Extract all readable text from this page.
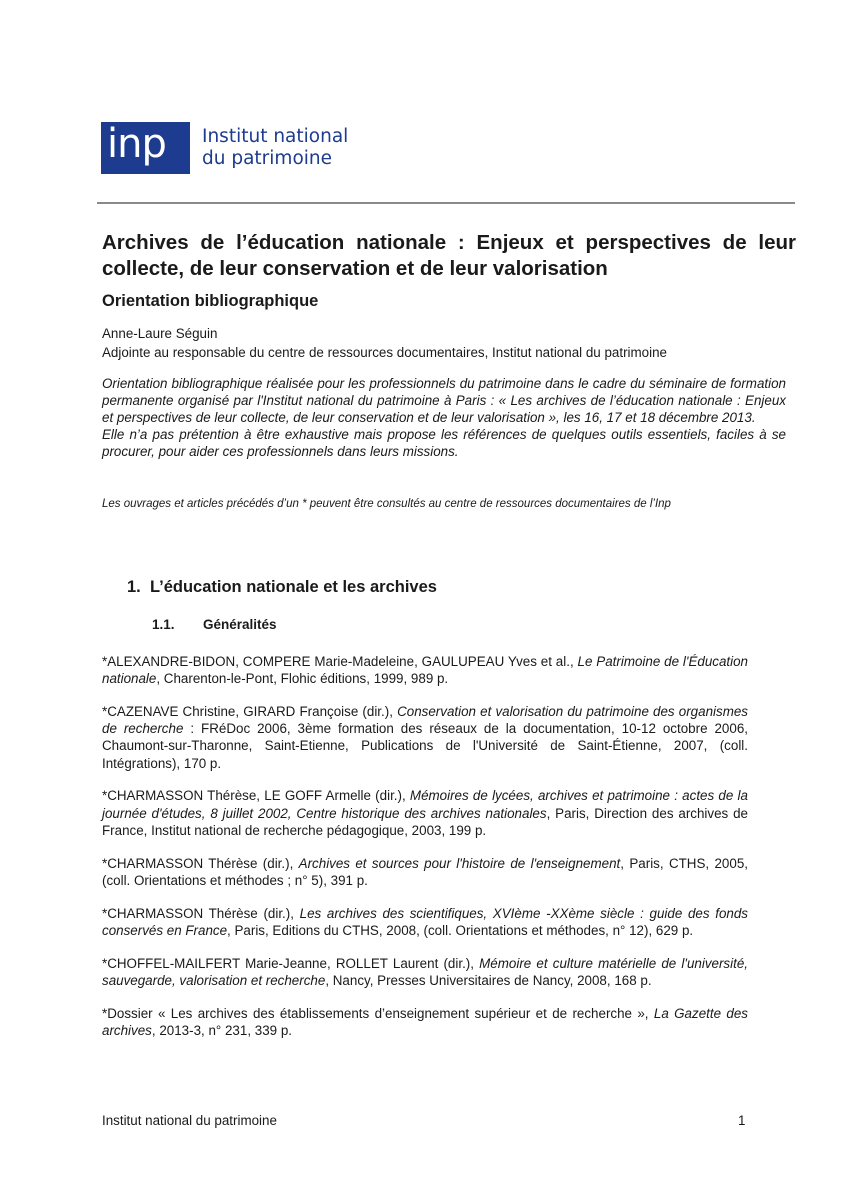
inp	Institut national
du patrimoine
Archives de l’éducation nationale : Enjeux et perspectives de leur collecte, de leur conservation et de leur valorisation
Orientation bibliographique
Anne-Laure Séguin
Adjointe au responsable du centre de ressources documentaires, Institut national du patrimoine

Orientation bibliographique réalisée pour les professionnels du patrimoine dans le cadre du séminaire de formation permanente organisé par l'Institut national du patrimoine à Paris : « Les archives de l’éducation nationale : Enjeux et perspectives de leur collecte, de leur conservation et de leur valorisation », les 16, 17 et 18 décembre 2013.

Elle n’a pas prétention à être exhaustive mais propose les références de quelques outils essentiels, faciles à se procurer, pour aider ces professionnels dans leurs missions.

Les ouvrages et articles précédés d’un * peuvent être consultés au centre de ressources documentaires de l’Inp
1. L’éducation nationale et les archives
1.1. Généralités

*ALEXANDRE-BIDON, COMPERE Marie-Madeleine, GAULUPEAU Yves et al., Le Patrimoine de l'Éducation nationale, Charenton-le-Pont, Flohic éditions, 1999, 989 p.

*CAZENAVE Christine, GIRARD Françoise (dir.), Conservation et valorisation du patrimoine des organismes de recherche : FRéDoc 2006, 3ème formation des réseaux de la documentation, 10-12 octobre 2006, Chaumont-sur-Tharonne, Saint-Etienne, Publications de l'Université de Saint-Étienne, 2007, (coll. Intégrations), 170 p.

*CHARMASSON Thérèse, LE GOFF Armelle (dir.), Mémoires de lycées, archives et patrimoine : actes de la journée d'études, 8 juillet 2002, Centre historique des archives nationales, Paris, Direction des archives de France, Institut national de recherche pédagogique, 2003, 199 p.

*CHARMASSON Thérèse (dir.), Archives et sources pour l'histoire de l'enseignement, Paris, CTHS, 2005, (coll. Orientations et méthodes ; n° 5), 391 p.

*CHARMASSON Thérèse (dir.), Les archives des scientifiques, XVIème -XXème siècle : guide des fonds conservés en France, Paris, Editions du CTHS, 2008, (coll. Orientations et méthodes, n° 12), 629 p.

*CHOFFEL-MAILFERT Marie-Jeanne, ROLLET Laurent (dir.), Mémoire et culture matérielle de l'université, sauvegarde, valorisation et recherche, Nancy, Presses Universitaires de Nancy, 2008, 168 p.

*Dossier « Les archives des établissements d’enseignement supérieur et de recherche », La Gazette des archives, 2013-3, n° 231, 339 p.

Institut national du patrimoine	1
